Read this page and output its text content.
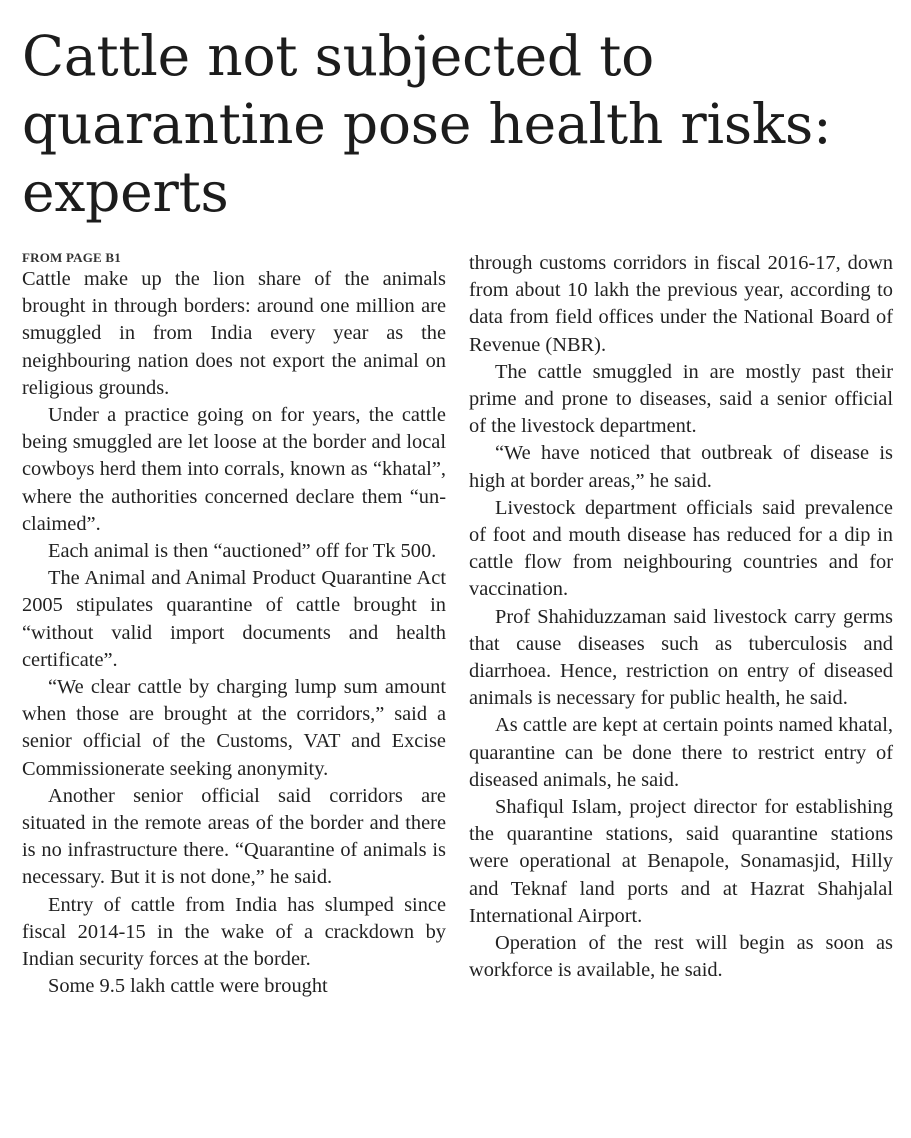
Cattle not subjected to quarantine pose health risks: experts
FROM PAGE B1

Cattle make up the lion share of the animals brought in through borders: around one million are smuggled in from India every year as the neighbouring nation does not export the animal on religious grounds.

Under a practice going on for years, the cattle being smuggled are let loose at the border and local cowboys herd them into corrals, known as “khatal”, where the authorities concerned declare them “unclaimed”.

Each animal is then “auctioned” off for Tk 500.

The Animal and Animal Product Quarantine Act 2005 stipulates quarantine of cattle brought in “without valid import documents and health certificate”.

“We clear cattle by charging lump sum amount when those are brought at the corridors,” said a senior official of the Customs, VAT and Excise Commissionerate seeking anonymity.

Another senior official said corridors are situated in the remote areas of the border and there is no infrastructure there. “Quarantine of animals is necessary. But it is not done,” he said.

Entry of cattle from India has slumped since fiscal 2014-15 in the wake of a crackdown by Indian security forces at the border.

Some 9.5 lakh cattle were brought

through customs corridors in fiscal 2016-17, down from about 10 lakh the previous year, according to data from field offices under the National Board of Revenue (NBR).

The cattle smuggled in are mostly past their prime and prone to diseases, said a senior official of the livestock department.

“We have noticed that outbreak of disease is high at border areas,” he said.

Livestock department officials said prevalence of foot and mouth disease has reduced for a dip in cattle flow from neighbouring countries and for vaccination.

Prof Shahiduzzaman said livestock carry germs that cause diseases such as tuberculosis and diarrhoea. Hence, restriction on entry of diseased animals is necessary for public health, he said.

As cattle are kept at certain points named khatal, quarantine can be done there to restrict entry of diseased animals, he said.

Shafiqul Islam, project director for establishing the quarantine stations, said quarantine stations were operational at Benapole, Sonamasjid, Hilly and Teknaf land ports and at Hazrat Shahjalal International Airport.

Operation of the rest will begin as soon as workforce is available, he said.
